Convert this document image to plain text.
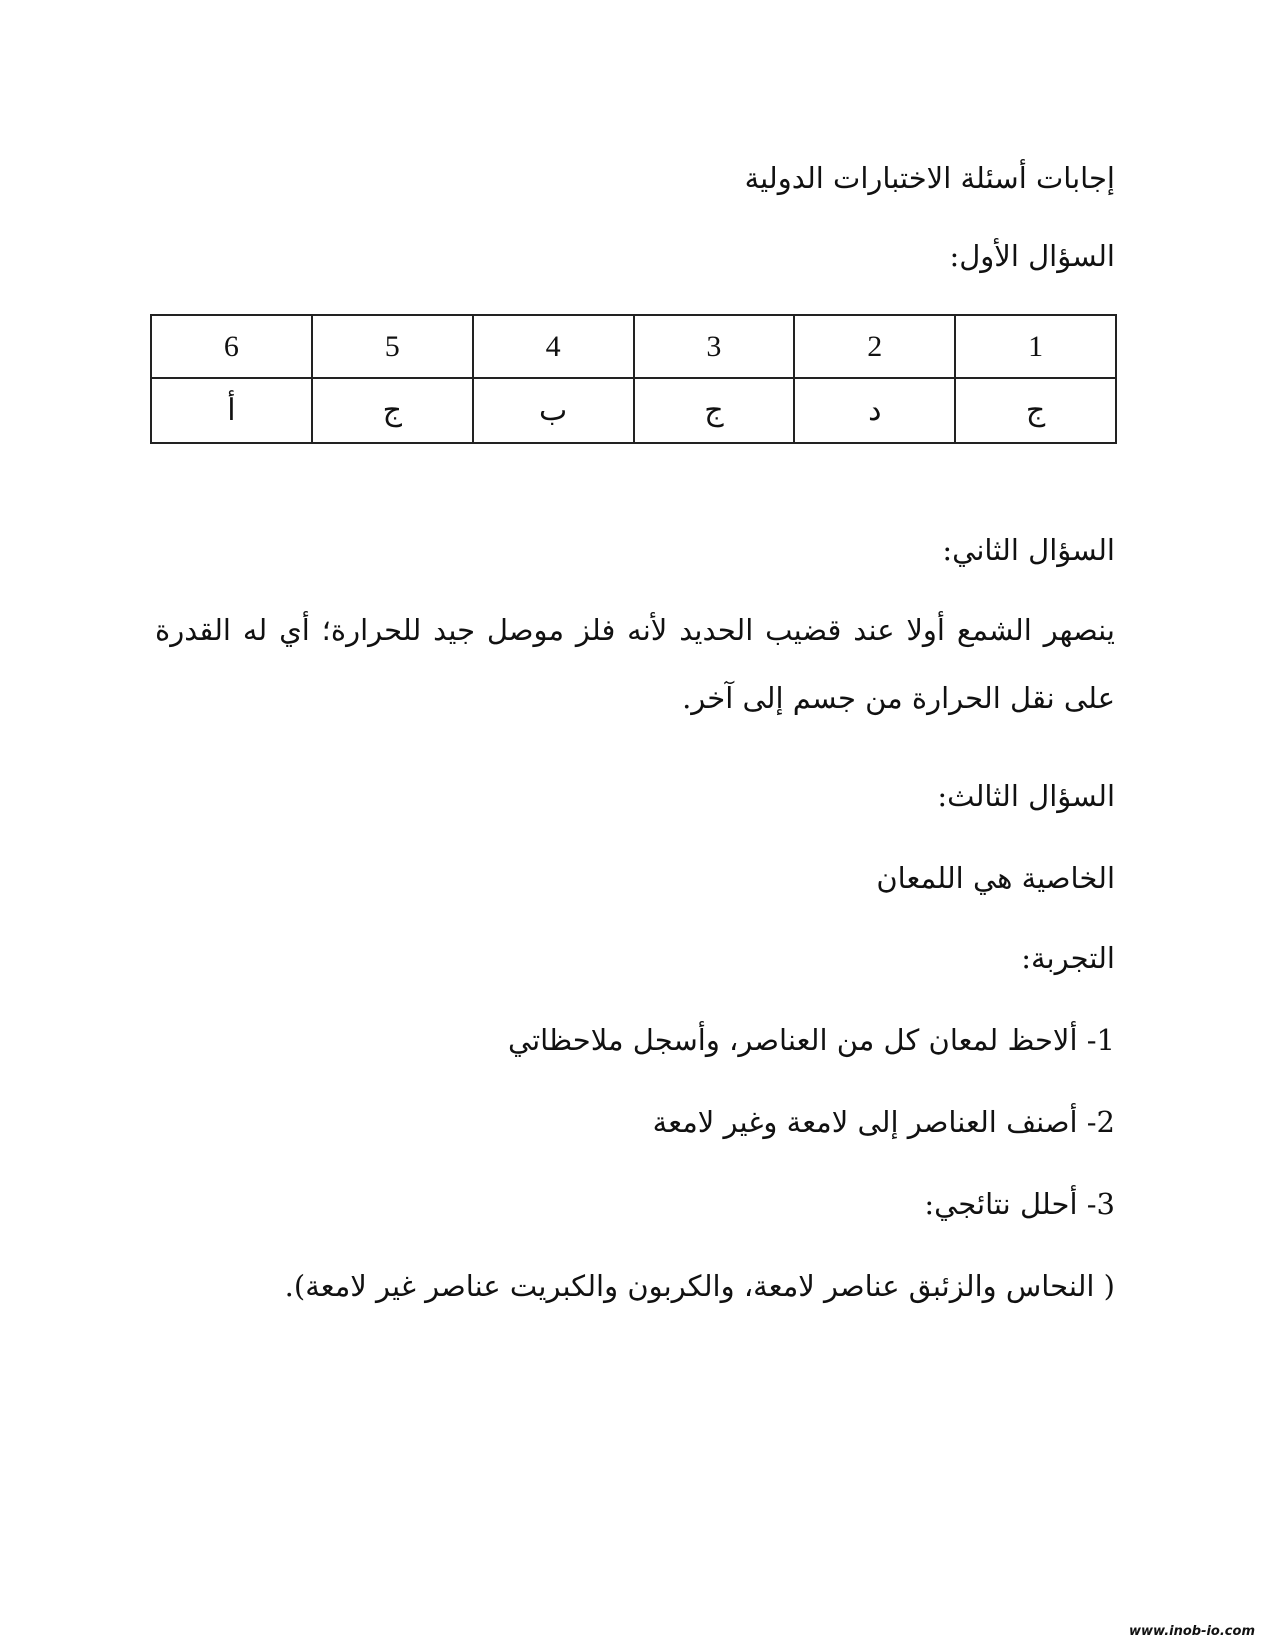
إجابات أسئلة الاختبارات الدولية
السؤال الأول:
1	2	3	4	5	6
ج	د	ج	ب	ج	أ
السؤال الثاني:
ينصهر الشمع أولا عند قضيب الحديد لأنه فلز موصل جيد للحرارة؛ أي له القدرة على نقل الحرارة من جسم إلى آخر.
السؤال الثالث:
الخاصية هي اللمعان
التجربة:
1- ألاحظ لمعان كل من العناصر، وأسجل ملاحظاتي
2- أصنف العناصر إلى لامعة وغير لامعة
3- أحلل نتائجي:
( النحاس والزئبق عناصر لامعة، والكربون والكبريت عناصر غير لامعة).
www.inob-io.com
